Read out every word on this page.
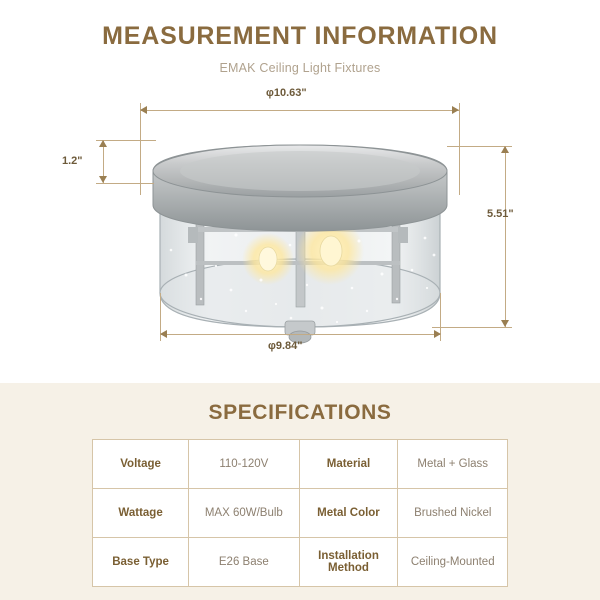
MEASUREMENT INFORMATION
EMAK Ceiling Light Fixtures
φ10.63"
1.2"
5.51"
φ9.84"
SPECIFICATIONS
Voltage	110-120V	Material	Metal + Glass
Wattage	MAX 60W/Bulb	Metal Color	Brushed Nickel
Base Type	E26 Base	Installation Method	Ceiling-Mounted
